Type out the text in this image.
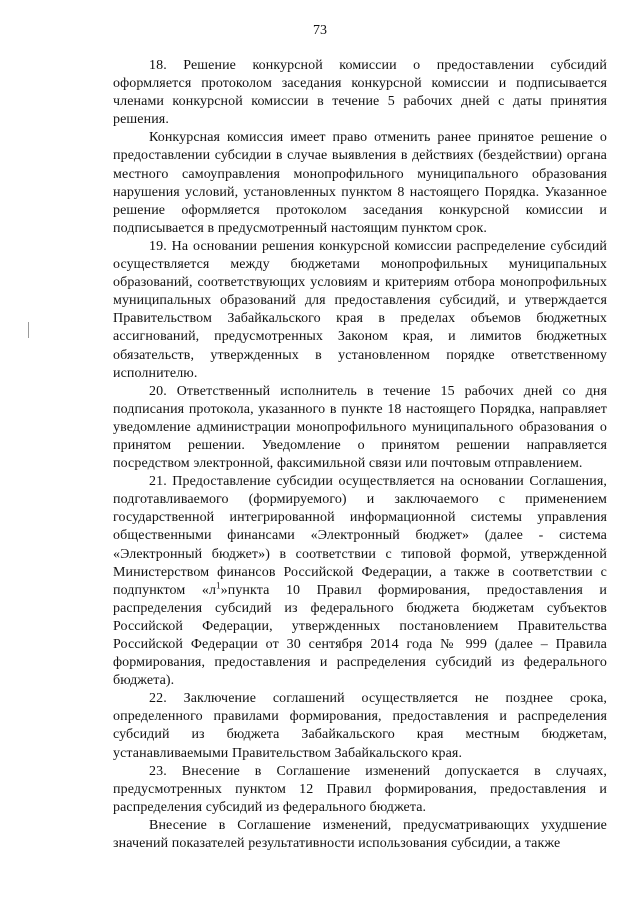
73

18. Решение конкурсной комиссии о предоставлении субсидий оформляется протоколом заседания конкурсной комиссии и подписывается членами конкурсной комиссии в течение 5 рабочих дней с даты принятия решения.

Конкурсная комиссия имеет право отменить ранее принятое решение о предоставлении субсидии в случае выявления в действиях (бездействии) органа местного самоуправления монопрофильного муниципального образования нарушения условий, установленных пунктом 8 настоящего Порядка. Указанное решение оформляется протоколом заседания конкурсной комиссии и подписывается в предусмотренный настоящим пунктом срок.

19. На основании решения конкурсной комиссии распределение субсидий осуществляется между бюджетами монопрофильных муниципальных образований, соответствующих условиям и критериям отбора монопрофильных муниципальных образований для предоставления субсидий, и утверждается Правительством Забайкальского края в пределах объемов бюджетных ассигнований, предусмотренных Законом края, и лимитов бюджетных обязательств, утвержденных в установленном порядке ответственному исполнителю.

20. Ответственный исполнитель в течение 15 рабочих дней со дня подписания протокола, указанного в пункте 18 настоящего Порядка, направляет уведомление администрации монопрофильного муниципального образования о принятом решении. Уведомление о принятом решении направляется посредством электронной, факсимильной связи или почтовым отправлением.

21. Предоставление субсидии осуществляется на основании Соглашения, подготавливаемого (формируемого) и заключаемого с применением государственной интегрированной информационной системы управления общественными финансами «Электронный бюджет» (далее - система «Электронный бюджет») в соответствии с типовой формой, утвержденной Министерством финансов Российской Федерации, а также в соответствии с подпунктом «$л^1»пункта$ 10 Правил формирования, предоставления и распределения субсидий из федерального бюджета бюджетам субъектов Российской Федерации, утвержденных постановлением Правительства Российской Федерации от 30 сентября 2014 года № 999 (далее – Правила формирования, предоставления и распределения субсидий из федерального бюджета).

22. Заключение соглашений осуществляется не позднее срока, определенного правилами формирования, предоставления и распределения субсидий из бюджета Забайкальского края местным бюджетам, устанавливаемыми Правительством Забайкальского края.

23. Внесение в Соглашение изменений допускается в случаях, предусмотренных пунктом 12 Правил формирования, предоставления и распределения субсидий из федерального бюджета.

Внесение в Соглашение изменений, предусматривающих ухудшение значений показателей результативности использования субсидии, а также
